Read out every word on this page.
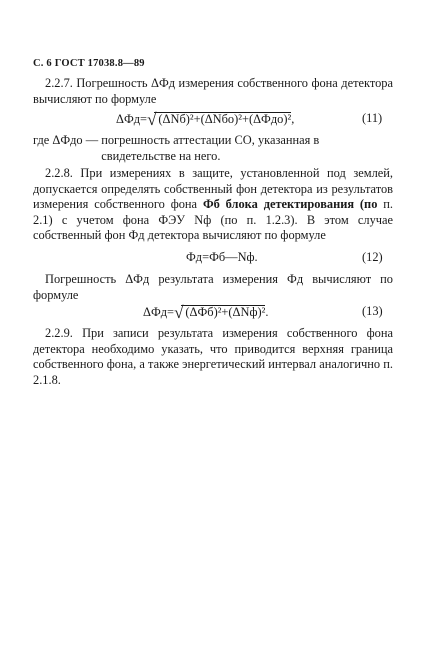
С. 6 ГОСТ 17038.8—89
2.2.7. Погрешность ΔФд измерения собственного фона детектора вычисляют по формуле
ΔФд=√ (ΔNб)²+(ΔNбо)²+(ΔФдо)²,	(11)
где ΔФдо — погрешность аттестации СО, указанная в свидетельстве на него.
2.2.8. При измерениях в защите, установленной под землей, допускается определять собственный фон детектора из результатов измерения собственного фона Фб блока детектирования (по п. 2.1) с учетом фона ФЭУ Nф (по п. 1.2.3). В этом случае собственный фон Фд детектора вычисляют по формуле
Фд=Фб—Nф.	(12)
Погрешность ΔФд результата измерения Фд вычисляют по формуле
ΔФд=√ (ΔФб)²+(ΔNф)².	(13)
2.2.9. При записи результата измерения собственного фона детектора необходимо указать, что приводится верхняя граница собственного фона, а также энергетический интервал аналогично п. 2.1.8.
